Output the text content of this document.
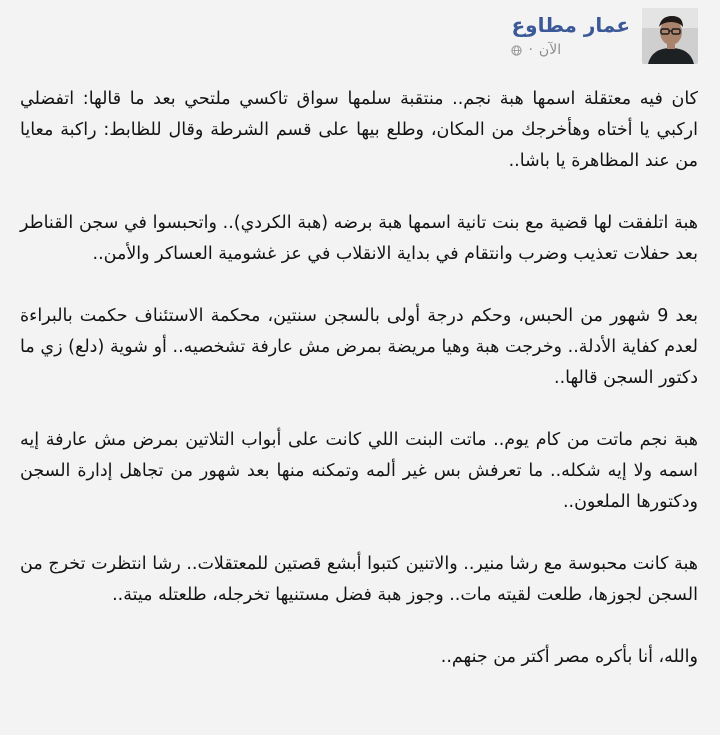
عمار مطاوع
الآن
·

كان فيه معتقلة اسمها هبة نجم.. منتقبة سلمها سواق تاكسي ملتحي بعد ما قالها: اتفضلي اركبي يا أختاه وهأخرجك من المكان، وطلع بيها على قسم الشرطة وقال للظابط: راكبة معايا من عند المظاهرة يا باشا..

هبة اتلفقت لها قضية مع بنت تانية اسمها هبة برضه (هبة الكردي).. واتحبسوا في سجن القناطر بعد حفلات تعذيب وضرب وانتقام في بداية الانقلاب في عز غشومية العساكر والأمن..

بعد 9 شهور من الحبس، وحكم درجة أولى بالسجن سنتين، محكمة الاستئناف حكمت بالبراءة لعدم كفاية الأدلة.. وخرجت هبة وهيا مريضة بمرض مش عارفة تشخصيه.. أو شوية (دلع) زي ما دكتور السجن قالها..

هبة نجم ماتت من كام يوم.. ماتت البنت اللي كانت على أبواب التلاتين بمرض مش عارفة إيه اسمه ولا إيه شكله.. ما تعرفش بس غير ألمه وتمكنه منها بعد شهور من تجاهل إدارة السجن ودكتورها الملعون..

هبة كانت محبوسة مع رشا منير.. والاتنين كتبوا أبشع قصتين للمعتقلات.. رشا انتظرت تخرج من السجن لجوزها، طلعت لقيته مات.. وجوز هبة فضل مستنيها تخرجله، طلعتله ميتة..

والله، أنا بأكره مصر أكتر من جنهم..
